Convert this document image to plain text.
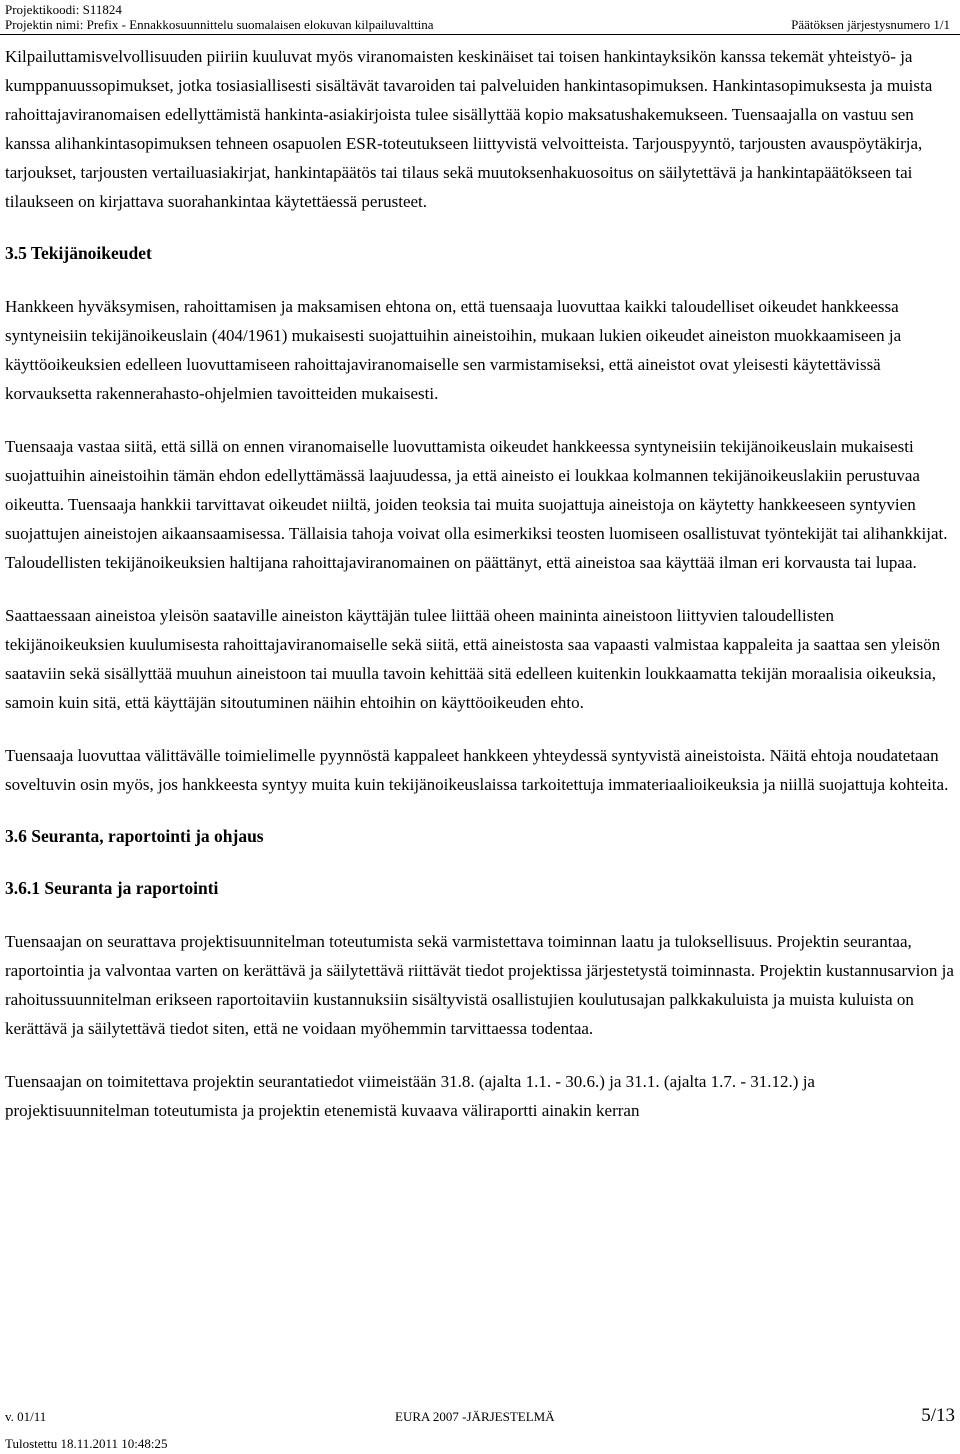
Projektikoodi: S11824
Projektin nimi: Prefix - Ennakkosuunnittelu suomalaisen elokuvan kilpailuvalttina	Päätöksen järjestysnumero 1/1

Kilpailuttamisvelvollisuuden piiriin kuuluvat myös viranomaisten keskinäiset tai toisen hankintayksikön kanssa tekemät yhteistyö- ja kumppanuussopimukset, jotka tosiasiallisesti sisältävät tavaroiden tai palveluiden hankintasopimuksen. Hankintasopimuksesta ja muista rahoittajaviranomaisen edellyttämistä hankinta-asiakirjoista tulee sisällyttää kopio maksatushakemukseen. Tuensaajalla on vastuu sen kanssa alihankintasopimuksen tehneen osapuolen ESR-toteutukseen liittyvistä velvoitteista. Tarjouspyyntö, tarjousten avauspöytäkirja, tarjoukset, tarjousten vertailuasiakirjat, hankintapäätös tai tilaus sekä muutoksenhakuosoitus on säilytettävä ja hankintapäätökseen tai tilaukseen on kirjattava suorahankintaa käytettäessä perusteet.

3.5 Tekijänoikeudet

Hankkeen hyväksymisen, rahoittamisen ja maksamisen ehtona on, että tuensaaja luovuttaa kaikki taloudelliset oikeudet hankkeessa syntyneisiin tekijänoikeuslain (404/1961) mukaisesti suojattuihin aineistoihin, mukaan lukien oikeudet aineiston muokkaamiseen ja käyttöoikeuksien edelleen luovuttamiseen rahoittajaviranomaiselle sen varmistamiseksi, että aineistot ovat yleisesti käytettävissä korvauksetta rakennerahasto-ohjelmien tavoitteiden mukaisesti.

Tuensaaja vastaa siitä, että sillä on ennen viranomaiselle luovuttamista oikeudet hankkeessa syntyneisiin tekijänoikeuslain mukaisesti suojattuihin aineistoihin tämän ehdon edellyttämässä laajuudessa, ja että aineisto ei loukkaa kolmannen tekijänoikeuslakiin perustuvaa oikeutta. Tuensaaja hankkii tarvittavat oikeudet niiltä, joiden teoksia tai muita suojattuja aineistoja on käytetty hankkeeseen syntyvien suojattujen aineistojen aikaansaamisessa. Tällaisia tahoja voivat olla esimerkiksi teosten luomiseen osallistuvat työntekijät tai alihankkijat. Taloudellisten tekijänoikeuksien haltijana rahoittajaviranomainen on päättänyt, että aineistoa saa käyttää ilman eri korvausta tai lupaa.

Saattaessaan aineistoa yleisön saataville aineiston käyttäjän tulee liittää oheen maininta aineistoon liittyvien taloudellisten tekijänoikeuksien kuulumisesta rahoittajaviranomaiselle sekä siitä, että aineistosta saa vapaasti valmistaa kappaleita ja saattaa sen yleisön saataviin sekä sisällyttää muuhun aineistoon tai muulla tavoin kehittää sitä edelleen kuitenkin loukkaamatta tekijän moraalisia oikeuksia, samoin kuin sitä, että käyttäjän sitoutuminen näihin ehtoihin on käyttöoikeuden ehto.

Tuensaaja luovuttaa välittävälle toimielimelle pyynnöstä kappaleet hankkeen yhteydessä syntyvistä aineistoista. Näitä ehtoja noudatetaan soveltuvin osin myös, jos hankkeesta syntyy muita kuin tekijänoikeuslaissa tarkoitettuja immateriaalioikeuksia ja niillä suojattuja kohteita.

3.6 Seuranta, raportointi ja ohjaus
3.6.1 Seuranta ja raportointi

Tuensaajan on seurattava projektisuunnitelman toteutumista sekä varmistettava toiminnan laatu ja tuloksellisuus. Projektin seurantaa, raportointia ja valvontaa varten on kerättävä ja säilytettävä riittävät tiedot projektissa järjestetystä toiminnasta. Projektin kustannusarvion ja rahoitussuunnitelman erikseen raportoitaviin kustannuksiin sisältyvistä osallistujien koulutusajan palkkakuluista ja muista kuluista on kerättävä ja säilytettävä tiedot siten, että ne voidaan myöhemmin tarvittaessa todentaa.

Tuensaajan on toimitettava projektin seurantatiedot viimeistään 31.8. (ajalta 1.1. - 30.6.) ja 31.1. (ajalta 1.7. - 31.12.) ja projektisuunnitelman toteutumista ja projektin etenemistä kuvaava väliraportti ainakin kerran

v. 01/11	EURA 2007 -JÄRJESTELMÄ	5/13
Tulostettu 18.11.2011 10:48:25
